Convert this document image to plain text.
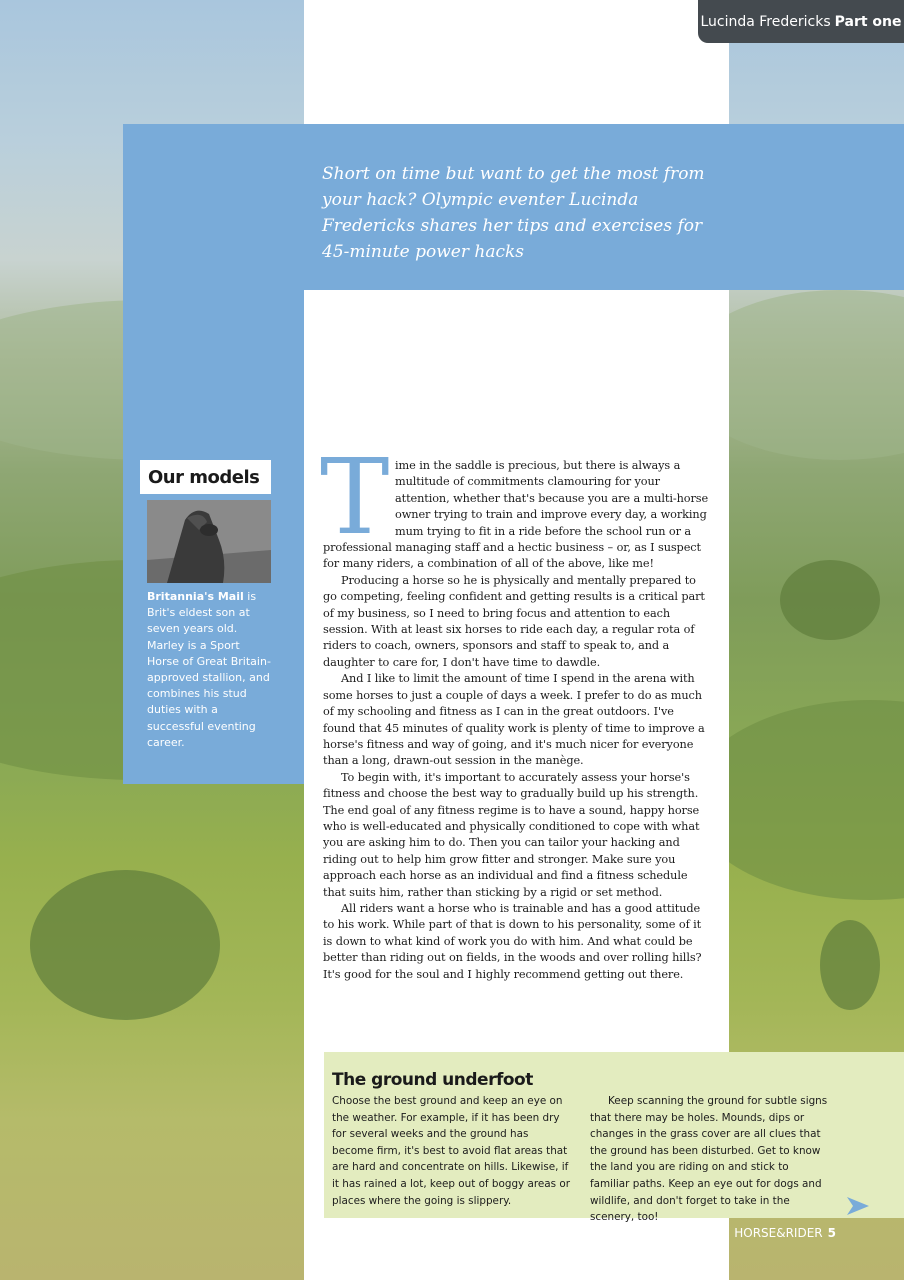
Lucinda Fredericks Part one
Short on time but want to get the most from your hack? Olympic eventer Lucinda Fredericks shares her tips and exercises for 45-minute power hacks
Our models
Britannia's Mail is Brit's eldest son at seven years old. Marley is a Sport Horse of Great Britain-approved stallion, and combines his stud duties with a successful eventing career.
T ime in the saddle is precious, but there is always a multitude of commitments clamouring for your attention, whether that's because you are a multi-horse owner trying to train and improve every day, a working mum trying to fit in a ride before the school run or a professional managing staff and a hectic business – or, as I suspect for many riders, a combination of all of the above, like me!

Producing a horse so he is physically and mentally prepared to go competing, feeling confident and getting results is a critical part of my business, so I need to bring focus and attention to each session. With at least six horses to ride each day, a regular rota of riders to coach, owners, sponsors and staff to speak to, and a daughter to care for, I don't have time to dawdle.

And I like to limit the amount of time I spend in the arena with some horses to just a couple of days a week. I prefer to do as much of my schooling and fitness as I can in the great outdoors. I've found that 45 minutes of quality work is plenty of time to improve a horse's fitness and way of going, and it's much nicer for everyone than a long, drawn-out session in the manège.

To begin with, it's important to accurately assess your horse's fitness and choose the best way to gradually build up his strength. The end goal of any fitness regime is to have a sound, happy horse who is well-educated and physically conditioned to cope with what you are asking him to do. Then you can tailor your hacking and riding out to help him grow fitter and stronger. Make sure you approach each horse as an individual and find a fitness schedule that suits him, rather than sticking by a rigid or set method.

All riders want a horse who is trainable and has a good attitude to his work. While part of that is down to his personality, some of it is down to what kind of work you do with him. And what could be better than riding out on fields, in the woods and over rolling hills? It's good for the soul and I highly recommend getting out there.

The ground underfoot
Choose the best ground and keep an eye on the weather. For example, if it has been dry for several weeks and the ground has become firm, it's best to avoid flat areas that are hard and concentrate on hills. Likewise, if it has rained a lot, keep out of boggy areas or places where the going is slippery.
Keep scanning the ground for subtle signs that there may be holes. Mounds, dips or changes in the grass cover are all clues that the ground has been disturbed. Get to know the land you are riding on and stick to familiar paths. Keep an eye out for dogs and wildlife, and don't forget to take in the scenery, too!
HORSE&RIDER 5
